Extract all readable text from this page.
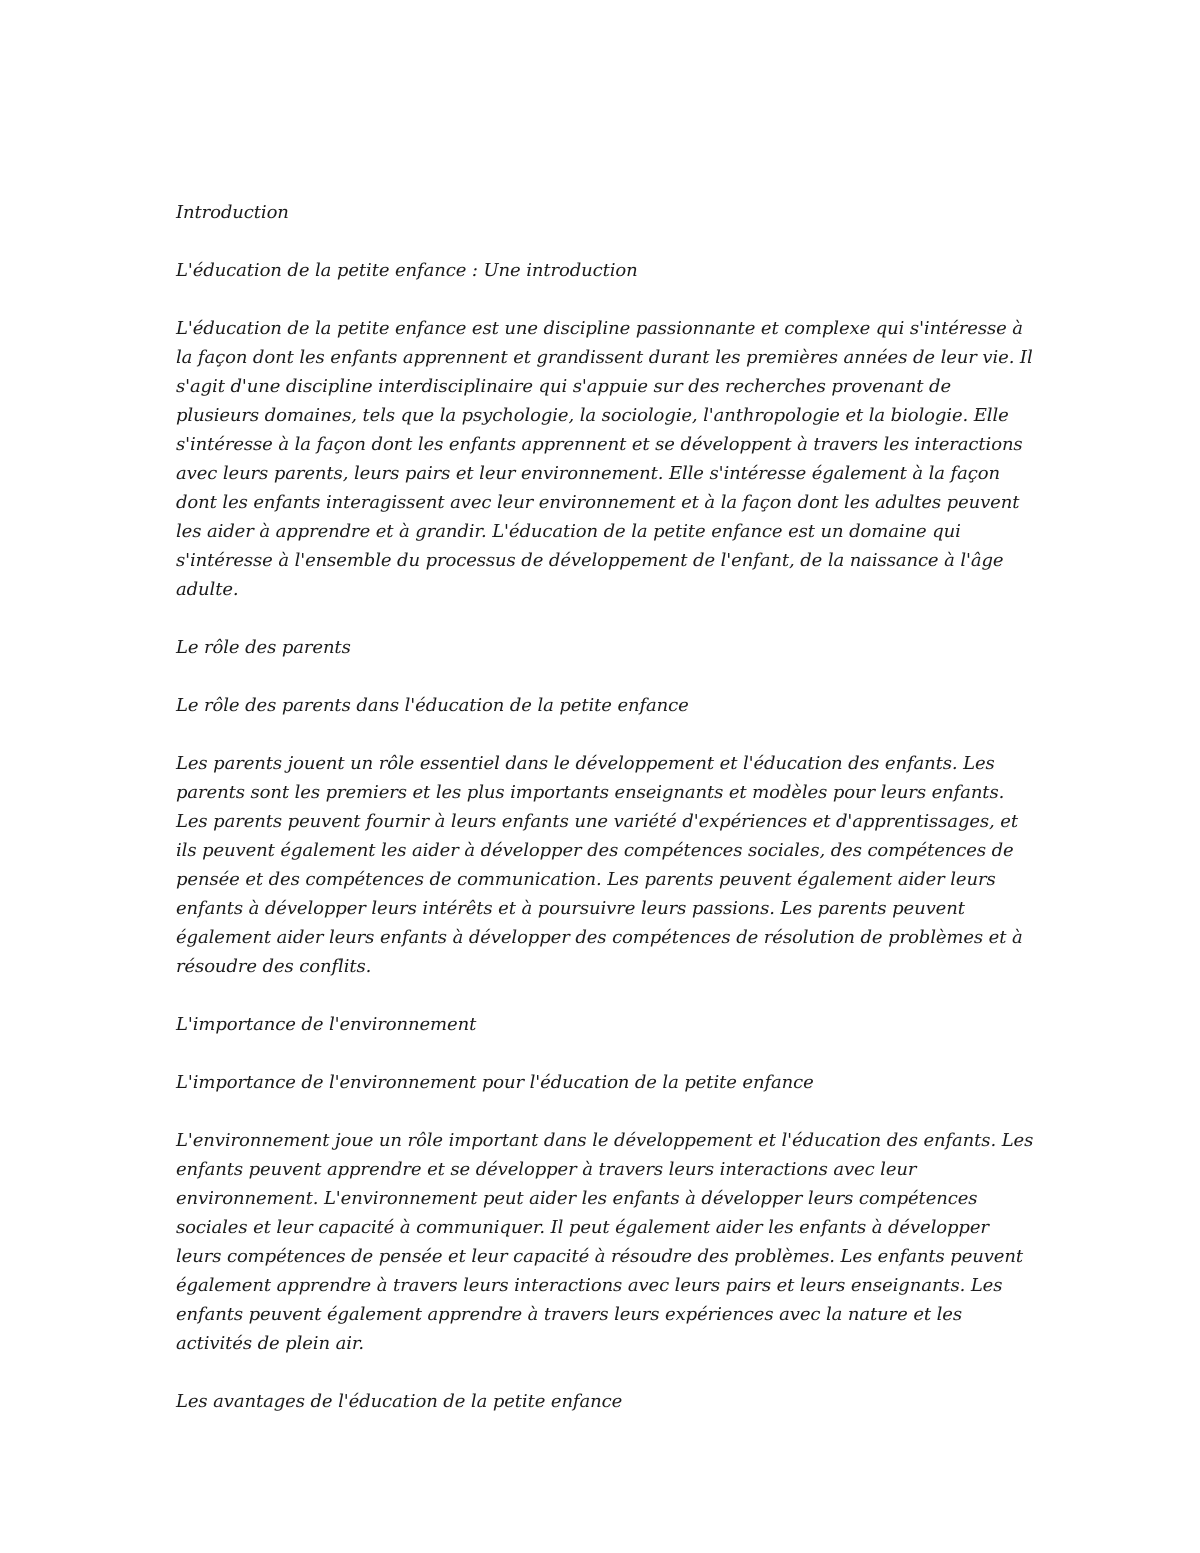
Introduction

L'éducation de la petite enfance : Une introduction

L'éducation de la petite enfance est une discipline passionnante et complexe qui s'intéresse à la façon dont les enfants apprennent et grandissent durant les premières années de leur vie. Il s'agit d'une discipline interdisciplinaire qui s'appuie sur des recherches provenant de plusieurs domaines, tels que la psychologie, la sociologie, l'anthropologie et la biologie. Elle s'intéresse à la façon dont les enfants apprennent et se développent à travers les interactions avec leurs parents, leurs pairs et leur environnement. Elle s'intéresse également à la façon dont les enfants interagissent avec leur environnement et à la façon dont les adultes peuvent les aider à apprendre et à grandir. L'éducation de la petite enfance est un domaine qui s'intéresse à l'ensemble du processus de développement de l'enfant, de la naissance à l'âge adulte.

Le rôle des parents

Le rôle des parents dans l'éducation de la petite enfance

Les parents jouent un rôle essentiel dans le développement et l'éducation des enfants. Les parents sont les premiers et les plus importants enseignants et modèles pour leurs enfants. Les parents peuvent fournir à leurs enfants une variété d'expériences et d'apprentissages, et ils peuvent également les aider à développer des compétences sociales, des compétences de pensée et des compétences de communication. Les parents peuvent également aider leurs enfants à développer leurs intérêts et à poursuivre leurs passions. Les parents peuvent également aider leurs enfants à développer des compétences de résolution de problèmes et à résoudre des conflits.

L'importance de l'environnement

L'importance de l'environnement pour l'éducation de la petite enfance

L'environnement joue un rôle important dans le développement et l'éducation des enfants. Les enfants peuvent apprendre et se développer à travers leurs interactions avec leur environnement. L'environnement peut aider les enfants à développer leurs compétences sociales et leur capacité à communiquer. Il peut également aider les enfants à développer leurs compétences de pensée et leur capacité à résoudre des problèmes. Les enfants peuvent également apprendre à travers leurs interactions avec leurs pairs et leurs enseignants. Les enfants peuvent également apprendre à travers leurs expériences avec la nature et les activités de plein air.

Les avantages de l'éducation de la petite enfance
